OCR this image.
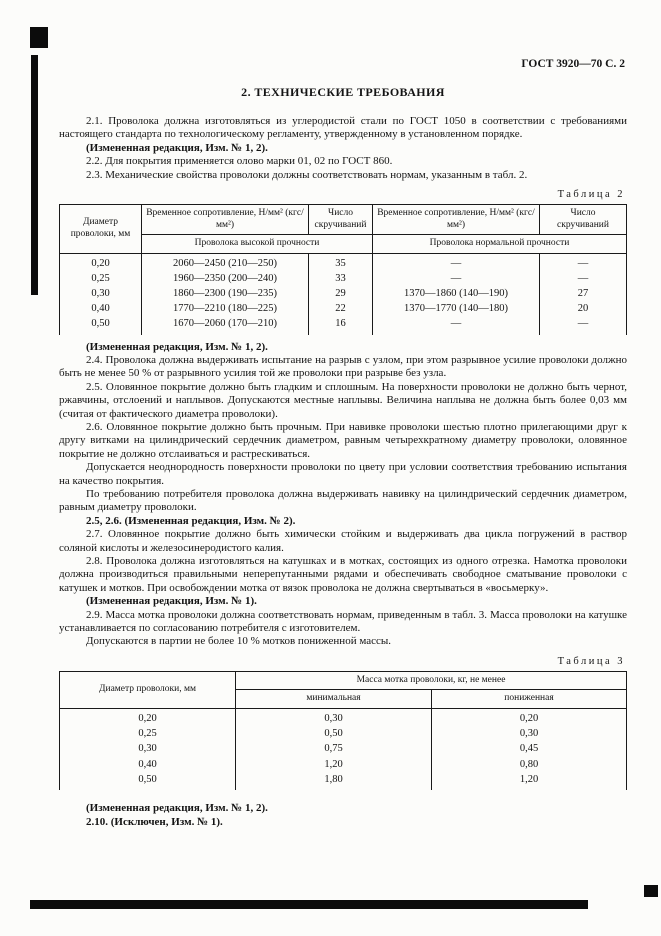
ГОСТ 3920—70 С. 2
2. ТЕХНИЧЕСКИЕ ТРЕБОВАНИЯ

2.1. Проволока должна изготовляться из углеродистой стали по ГОСТ 1050 в соответствии с требованиями настоящего стандарта по технологическому регламенту, утвержденному в установленном порядке.

(Измененная редакция, Изм. № 1, 2).

2.2. Для покрытия применяется олово марки 01, 02 по ГОСТ 860.

2.3. Механические свойства проволоки должны соответствовать нормам, указанным в табл. 2.

Таблица 2
Диаметр проволоки, мм	Временное сопротивление, Н/мм² (кгс/мм²)	Число скручиваний	Временное сопротивление, Н/мм² (кгс/мм²)	Число скручиваний
	Проволока высокой прочности		Проволока нормальной прочности	
0,20	2060—2450 (210—250)	35	—	—
0,25	1960—2350 (200—240)	33	—	—
0,30	1860—2300 (190—235)	29	1370—1860 (140—190)	27
0,40	1770—2210 (180—225)	22	1370—1770 (140—180)	20
0,50	1670—2060 (170—210)	16	—	—

(Измененная редакция, Изм. № 1, 2).

2.4. Проволока должна выдерживать испытание на разрыв с узлом, при этом разрывное усилие проволоки должно быть не менее 50 % от разрывного усилия той же проволоки при разрыве без узла.

2.5. Оловянное покрытие должно быть гладким и сплошным. На поверхности проволоки не должно быть чернот, ржавчины, отслоений и наплывов. Допускаются местные наплывы. Величина наплыва не должна быть более 0,03 мм (считая от фактического диаметра проволоки).

2.6. Оловянное покрытие должно быть прочным. При навивке проволоки шестью плотно прилегающими друг к другу витками на цилиндрический сердечник диаметром, равным четырехкратному диаметру проволоки, оловянное покрытие не должно отслаиваться и растрескиваться.

Допускается неоднородность поверхности проволоки по цвету при условии соответствия требованию испытания на качество покрытия.

По требованию потребителя проволока должна выдерживать навивку на цилиндрический сердечник диаметром, равным диаметру проволоки.

2.5, 2.6. (Измененная редакция, Изм. № 2).

2.7. Оловянное покрытие должно быть химически стойким и выдерживать два цикла погружений в раствор соляной кислоты и железосинеродистого калия.

2.8. Проволока должна изготовляться на катушках и в мотках, состоящих из одного отрезка. Намотка проволоки должна производиться правильными неперепутанными рядами и обеспечивать свободное сматывание проволоки с катушек и мотков. При освобождении мотка от вязок проволока не должна свертываться в «восьмерку».

(Измененная редакция, Изм. № 1).

2.9. Масса мотка проволоки должна соответствовать нормам, приведенным в табл. 3. Масса проволоки на катушке устанавливается по согласованию потребителя с изготовителем.

Допускаются в партии не более 10 % мотков пониженной массы.

Таблица 3
Диаметр проволоки, мм	Масса мотка проволоки, кг, не менее	
	минимальная	пониженная
0,20	0,30	0,20
0,25	0,50	0,30
0,30	0,75	0,45
0,40	1,20	0,80
0,50	1,80	1,20

(Измененная редакция, Изм. № 1, 2).

2.10. (Исключен, Изм. № 1).
